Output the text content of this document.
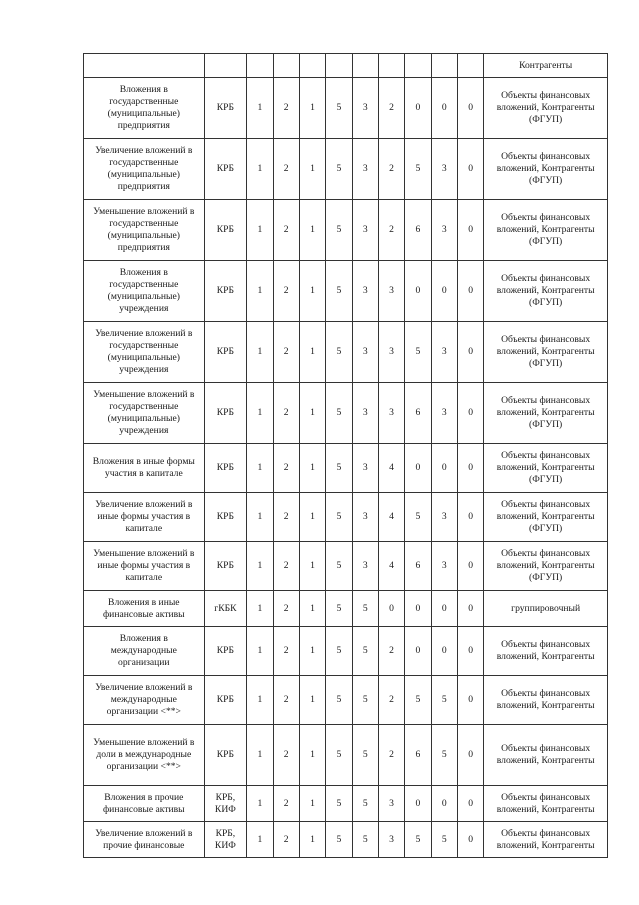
											Контрагенты
Вложения в государственные (муниципальные) предприятия	КРБ	1	2	1	5	3	2	0	0	0	Объекты финансовых вложений, Контрагенты (ФГУП)
Увеличение вложений в государственные (муниципальные) предприятия	КРБ	1	2	1	5	3	2	5	3	0	Объекты финансовых вложений, Контрагенты (ФГУП)
Уменьшение вложений в государственные (муниципальные) предприятия	КРБ	1	2	1	5	3	2	6	3	0	Объекты финансовых вложений, Контрагенты (ФГУП)
Вложения в государственные (муниципальные) учреждения	КРБ	1	2	1	5	3	3	0	0	0	Объекты финансовых вложений, Контрагенты (ФГУП)
Увеличение вложений в государственные (муниципальные) учреждения	КРБ	1	2	1	5	3	3	5	3	0	Объекты финансовых вложений, Контрагенты (ФГУП)
Уменьшение вложений в государственные (муниципальные) учреждения	КРБ	1	2	1	5	3	3	6	3	0	Объекты финансовых вложений, Контрагенты (ФГУП)
Вложения в иные формы участия в капитале	КРБ	1	2	1	5	3	4	0	0	0	Объекты финансовых вложений, Контрагенты (ФГУП)
Увеличение вложений в иные формы участия в капитале	КРБ	1	2	1	5	3	4	5	3	0	Объекты финансовых вложений, Контрагенты (ФГУП)
Уменьшение вложений в иные формы участия в капитале	КРБ	1	2	1	5	3	4	6	3	0	Объекты финансовых вложений, Контрагенты (ФГУП)
Вложения в иные финансовые активы	гКБК	1	2	1	5	5	0	0	0	0	группировочный
Вложения в международные организации	КРБ	1	2	1	5	5	2	0	0	0	Объекты финансовых вложений, Контрагенты
Увеличение вложений в международные организации <**>	КРБ	1	2	1	5	5	2	5	5	0	Объекты финансовых вложений, Контрагенты
Уменьшение вложений в доли в международные организации <**>	КРБ	1	2	1	5	5	2	6	5	0	Объекты финансовых вложений, Контрагенты
Вложения в прочие финансовые активы	КРБ, КИФ	1	2	1	5	5	3	0	0	0	Объекты финансовых вложений, Контрагенты
Увеличение вложений в прочие финансовые	КРБ, КИФ	1	2	1	5	5	3	5	5	0	Объекты финансовых вложений, Контрагенты
